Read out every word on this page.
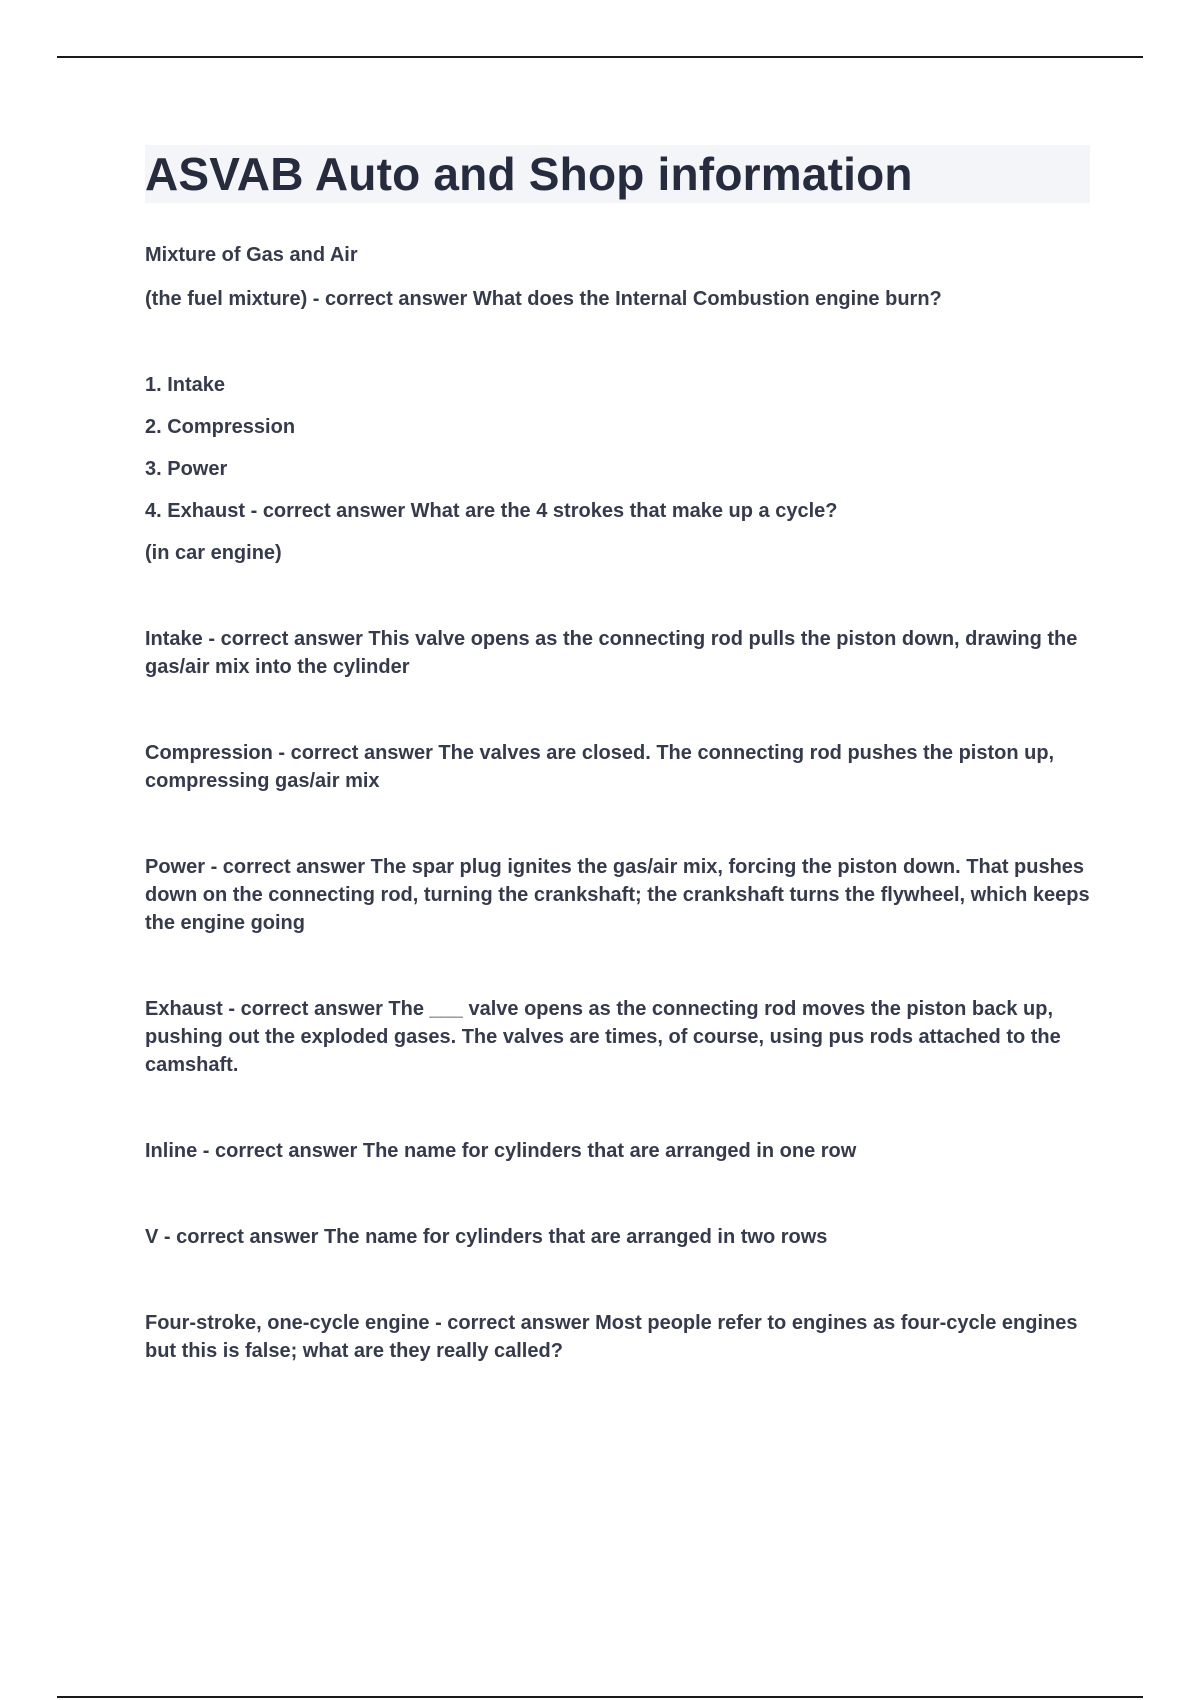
ASVAB Auto and Shop information

Mixture of Gas and Air

(the fuel mixture) - correct answer What does the Internal Combustion engine burn?

1. Intake

2. Compression

3. Power

4. Exhaust - correct answer What are the 4 strokes that make up a cycle?

(in car engine)

Intake - correct answer This valve opens as the connecting rod pulls the piston down, drawing the gas/air mix into the cylinder

Compression - correct answer The valves are closed. The connecting rod pushes the piston up, compressing gas/air mix

Power - correct answer The spar plug ignites the gas/air mix, forcing the piston down. That pushes down on the connecting rod, turning the crankshaft; the crankshaft turns the flywheel, which keeps the engine going

Exhaust - correct answer The ___ valve opens as the connecting rod moves the piston back up, pushing out the exploded gases. The valves are times, of course, using pus rods attached to the camshaft.

Inline - correct answer The name for cylinders that are arranged in one row

V - correct answer The name for cylinders that are arranged in two rows

Four-stroke, one-cycle engine - correct answer Most people refer to engines as four-cycle engines but this is false; what are they really called?
